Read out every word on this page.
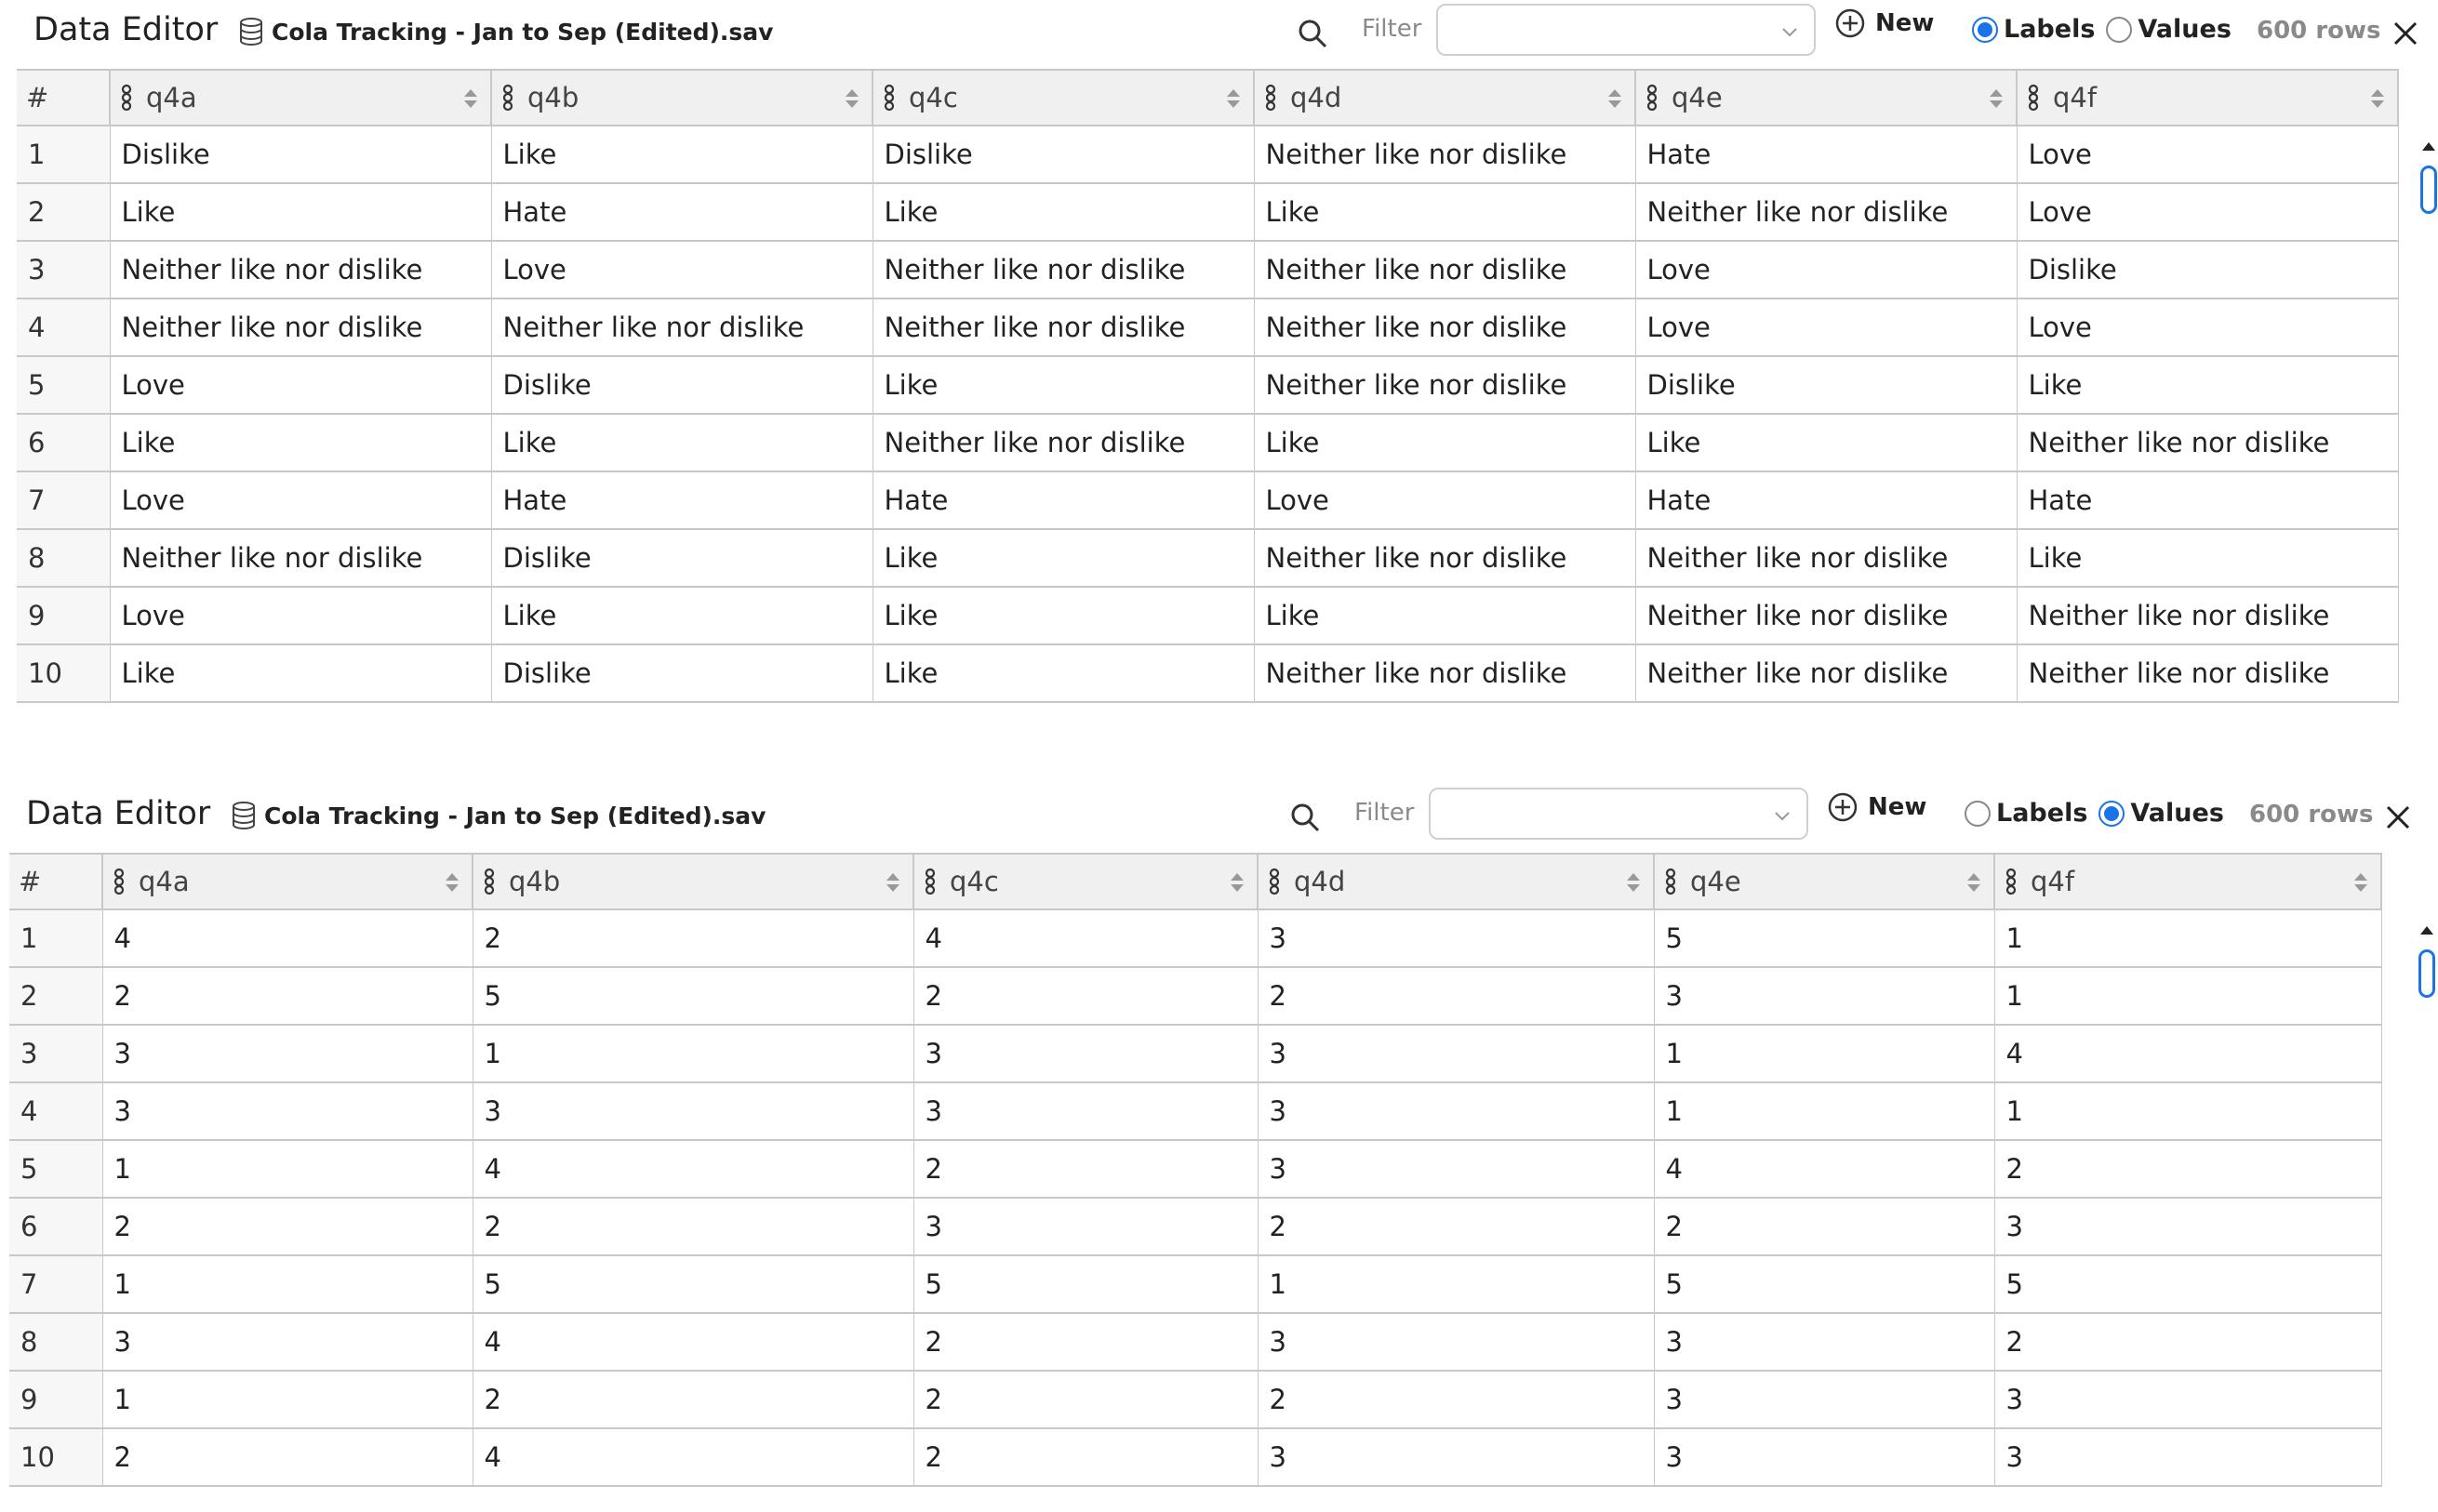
Data Editor Cola Tracking - Jan to Sep (Edited).sav	Filter	New	Labels Values 600 rows
#	q4a	q4b	q4c	q4d	q4e	q4f

1	Dislike	Like	Dislike	Neither like nor dislike	Hate	Love
2	Like	Hate	Like	Like	Neither like nor dislike	Love
3	Neither like nor dislike	Love	Neither like nor dislike	Neither like nor dislike	Love	Dislike
4	Neither like nor dislike	Neither like nor dislike	Neither like nor dislike	Neither like nor dislike	Love	Love
5	Love	Dislike	Like	Neither like nor dislike	Dislike	Like
6	Like	Like	Neither like nor dislike	Like	Like	Neither like nor dislike
7	Love	Hate	Hate	Love	Hate	Hate
8	Neither like nor dislike	Dislike	Like	Neither like nor dislike	Neither like nor dislike	Like
9	Love	Like	Like	Like	Neither like nor dislike	Neither like nor dislike
10	Like	Dislike	Like	Neither like nor dislike	Neither like nor dislike	Neither like nor dislike
Data Editor Cola Tracking - Jan to Sep (Edited).sav	Filter	New	Labels Values 600 rows
#	q4a	q4b	q4c	q4d	q4e	q4f

1	4	2	4	3	5	1
2	2	5	2	2	3	1
3	3	1	3	3	1	4
4	3	3	3	3	1	1
5	1	4	2	3	4	2
6	2	2	3	2	2	3
7	1	5	5	1	5	5
8	3	4	2	3	3	2
9	1	2	2	2	3	3
10	2	4	2	3	3	3
